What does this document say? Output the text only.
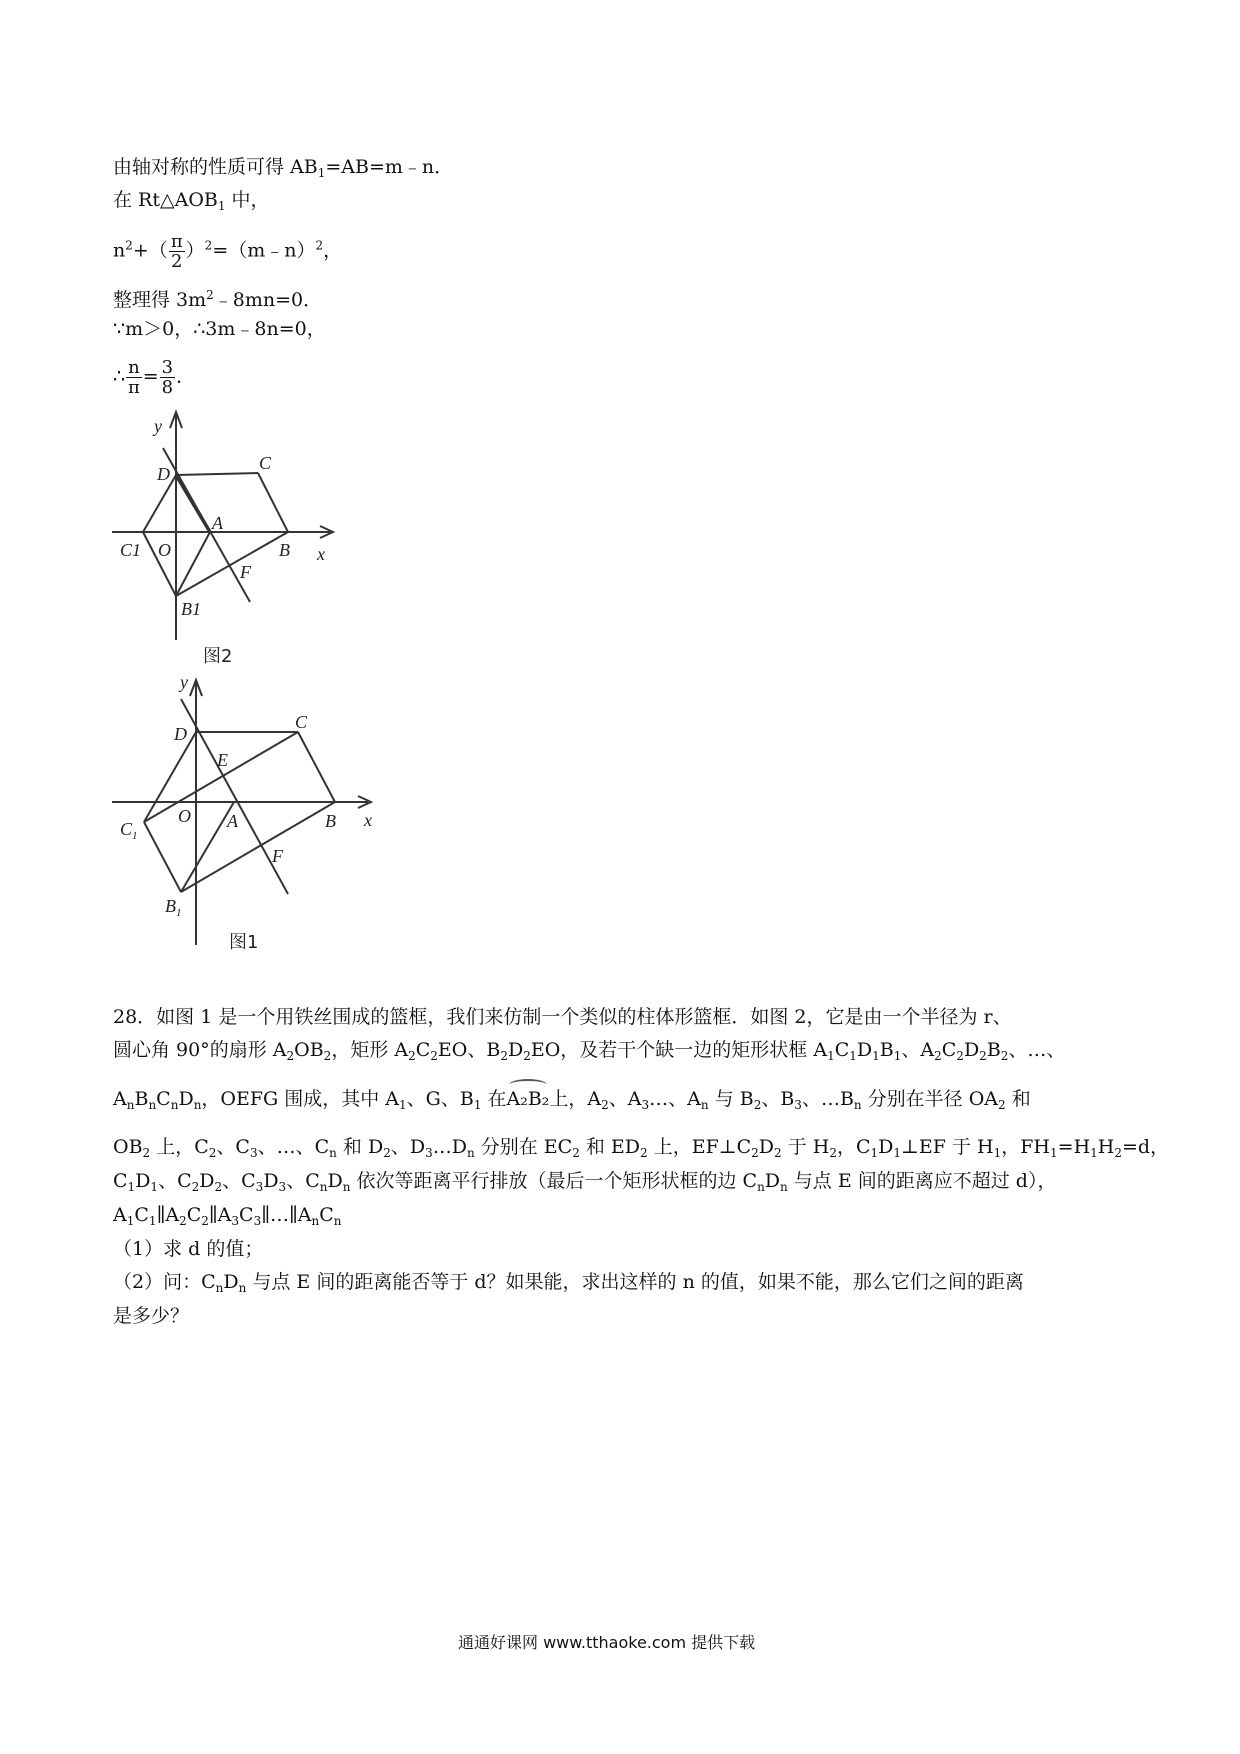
由轴对称的性质可得 $AB_1=AB=m﹣n$．
在 $Rt\triangle AOB_1$ 中，
$n^2+( \frac{\pi}{2}$ ）$^2=(m﹣n)^2$，
整理得 $3m^2﹣8mn=0$．
∵m＞0，∴3m﹣8n=0，
∴ $\frac{n}{\pi} = \frac{3}{8}$ ．
y
x
D
C
A
B
C1 O
B1
F
图2
y
x
D
C
E
A	B
$C_1$
O
$B_1$
F
图1
28．如图 1 是一个用铁丝围成的篮框，我们来仿制一个类似的柱体形篮框．如图 2，它是由一个半径为 r、
圆心角 90°的扇形 $A_2OB_2$，矩形 $A_2C_2EO$、$B_2D_2EO$，及若干个缺一边的矩形状框 $A_1C_1D_1B_1$、$A_2C_2D_2B_2$、…、
$A_nB_nC_nD_n$，OEFG 围成，其中 $A_1$、G、$B_1$ 在A₂B₂上，$A_2$、$A_3\dots$、$A_n$ 与 $B_2$、$B_3$、$\dots B_n$ 分别在半径 $OA_2$ 和
$OB_2$ 上，$C_2$、$C_3$、…、$C_n$ 和 $D_2$、$D_3\dots D_n$ 分别在 $EC_2$ 和 $ED_2$ 上，$EF\perp C_2D_2$ 于 $H_2$，$C_1D_1\perp EF$ 于 $H_1$，$FH_1=H_1H_2=d$，
$C_1D_1$、$C_2D_2$、$C_3D_3$、$C_nD_n$ 依次等距离平行排放（最后一个矩形状框的边 $C_nD_n$ 与点 E 间的距离应不超过 d），
$A_1C_1\parallel A_2C_2\parallel A_3C_3\parallel\dots\parallel A_nC_n$
（1）求 d 的值；
（2）问：$C_nD_n$ 与点 E 间的距离能否等于 d？如果能，求出这样的 n 的值，如果不能，那么它们之间的距离
是多少？
通通好课网 www.tthaoke.com 提供下载
